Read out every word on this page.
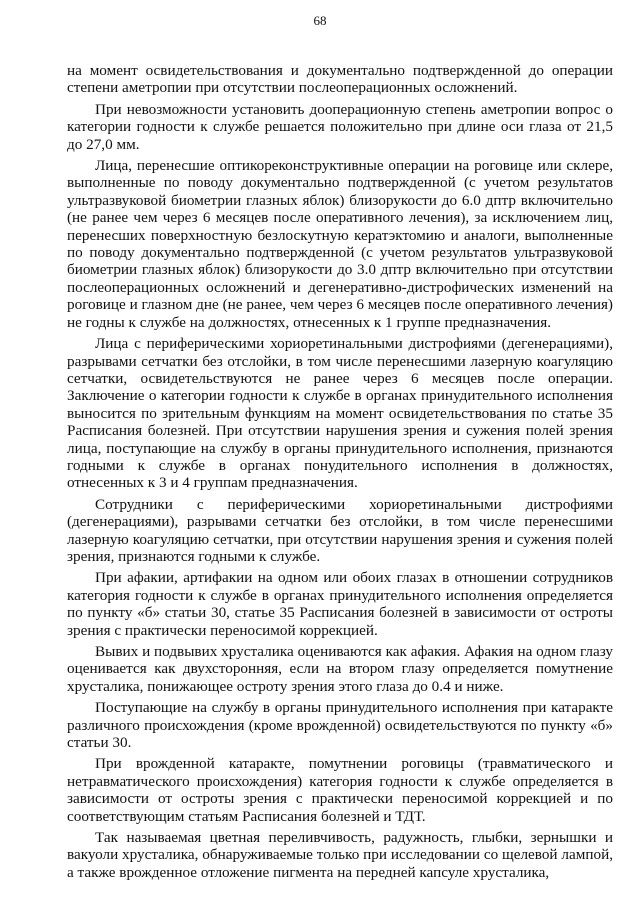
68

на момент освидетельствования и документально подтвержденной до операции степени аметропии при отсутствии послеоперационных осложнений.

При невозможности установить дооперационную степень аметропии вопрос о категории годности к службе решается положительно при длине оси глаза от 21,5 до 27,0 мм.

Лица, перенесшие оптикореконструктивные операции на роговице или склере, выполненные по поводу документально подтвержденной (с учетом результатов ультразвуковой биометрии глазных яблок) близорукости до 6.0 дптр включительно (не ранее чем через 6 месяцев после оперативного лечения), за исключением лиц, перенесших поверхностную безлоскутную кератэктомию и аналоги, выполненные по поводу документально подтвержденной (с учетом результатов ультразвуковой биометрии глазных яблок) близорукости до 3.0 дптр включительно при отсутствии послеоперационных осложнений и дегенеративно-дистрофических изменений на роговице и глазном дне (не ранее, чем через 6 месяцев после оперативного лечения) не годны к службе на должностях, отнесенных к 1 группе предназначения.

Лица с периферическими хориоретинальными дистрофиями (дегенерациями), разрывами сетчатки без отслойки, в том числе перенесшими лазерную коагуляцию сетчатки, освидетельствуются не ранее через 6 месяцев после операции. Заключение о категории годности к службе в органах принудительного исполнения выносится по зрительным функциям на момент освидетельствования по статье 35 Расписания болезней. При отсутствии нарушения зрения и сужения полей зрения лица, поступающие на службу в органы принудительного исполнения, признаются годными к службе в органах понудительного исполнения в должностях, отнесенных к 3 и 4 группам предназначения.

Сотрудники с периферическими хориоретинальными дистрофиями (дегенерациями), разрывами сетчатки без отслойки, в том числе перенесшими лазерную коагуляцию сетчатки, при отсутствии нарушения зрения и сужения полей зрения, признаются годными к службе.

При афакии, артифакии на одном или обоих глазах в отношении сотрудников категория годности к службе в органах принудительного исполнения определяется по пункту «б» статьи 30, статье 35 Расписания болезней в зависимости от остроты зрения с практически переносимой коррекцией.

Вывих и подвывих хрусталика оцениваются как афакия. Афакия на одном глазу оценивается как двухсторонняя, если на втором глазу определяется помутнение хрусталика, понижающее остроту зрения этого глаза до 0.4 и ниже.

Поступающие на службу в органы принудительного исполнения при катаракте различного происхождения (кроме врожденной) освидетельствуются по пункту «б» статьи 30.

При врожденной катаракте, помутнении роговицы (травматического и нетравматического происхождения) категория годности к службе определяется в зависимости от остроты зрения с практически переносимой коррекцией и по соответствующим статьям Расписания болезней и ТДТ.

Так называемая цветная переливчивость, радужность, глыбки, зернышки и вакуоли хрусталика, обнаруживаемые только при исследовании со щелевой лампой, а также врожденное отложение пигмента на передней капсуле хрусталика,
